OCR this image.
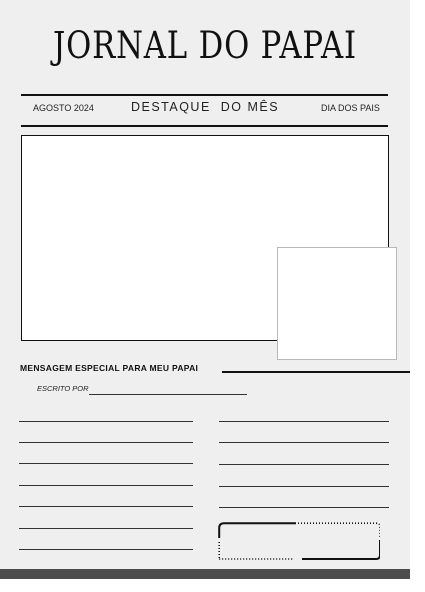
JORNAL DO PAPAI
AGOSTO 2024	DESTAQUE  DO MÊS	DIA DOS PAIS
MENSAGEM ESPECIAL PARA MEU PAPAI
ESCRITO POR
